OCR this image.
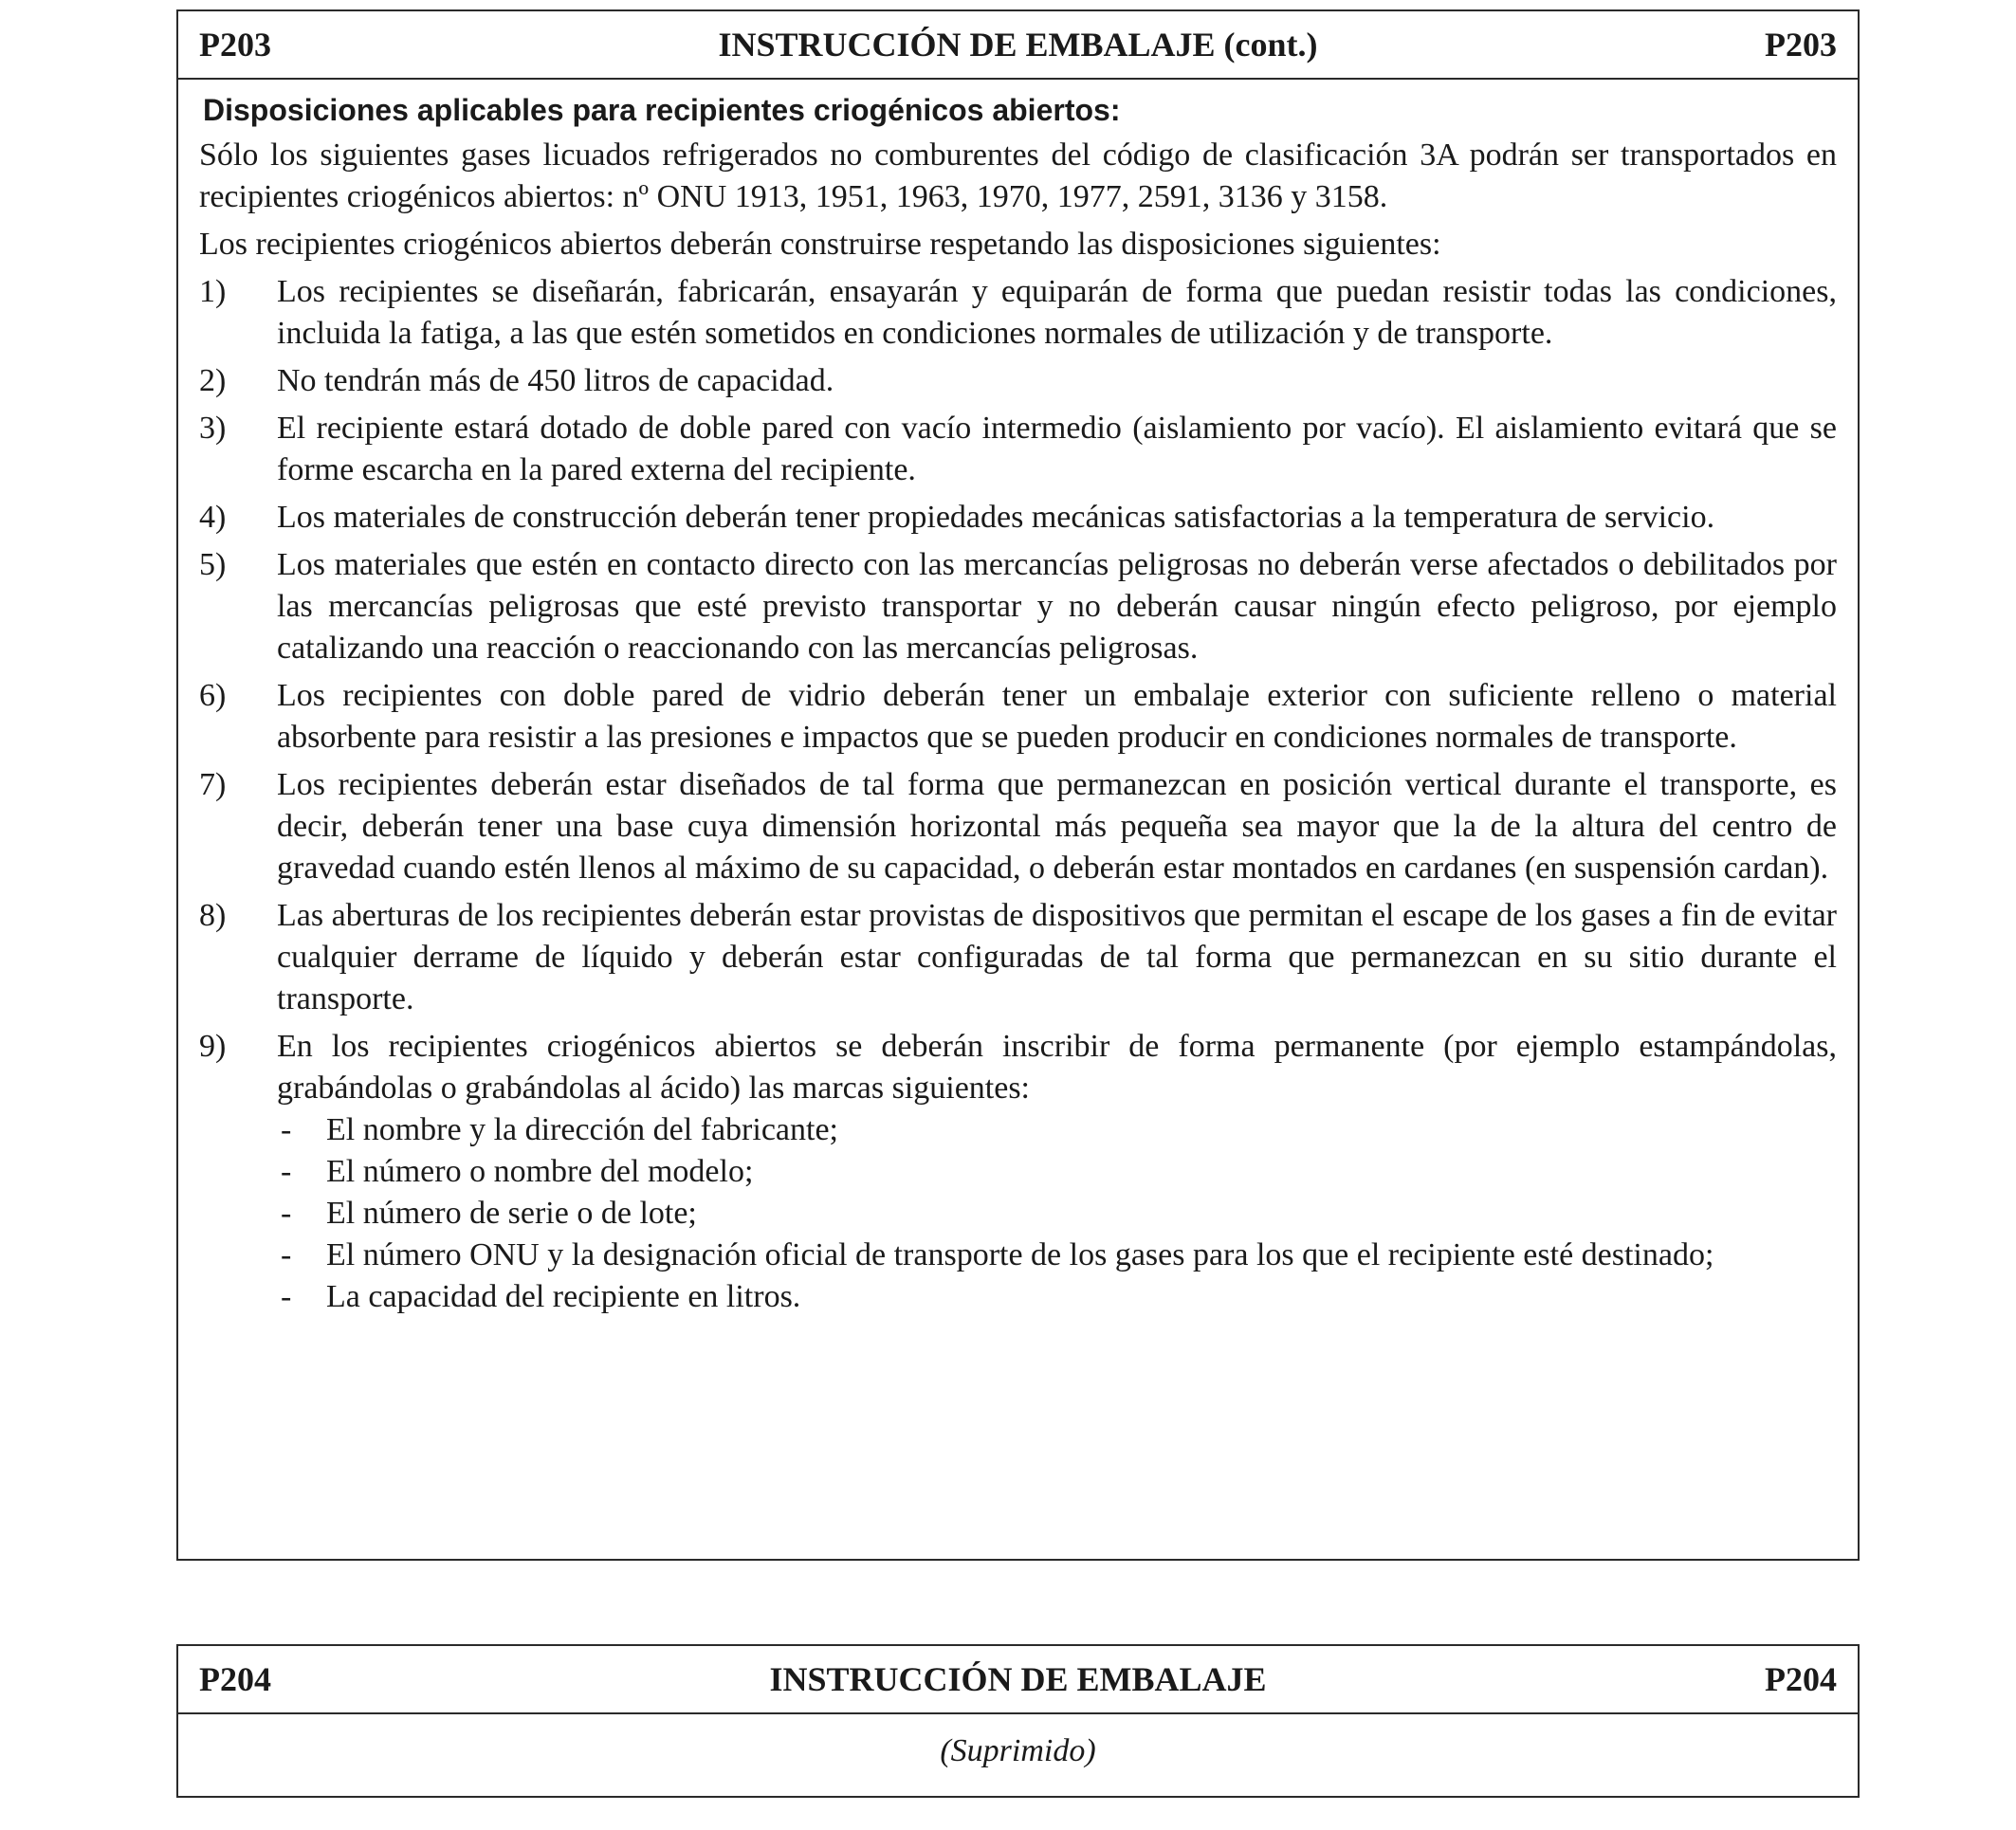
P203	INSTRUCCIÓN DE EMBALAJE (cont.)	P203
Disposiciones aplicables para recipientes criogénicos abiertos:
Sólo los siguientes gases licuados refrigerados no comburentes del código de clasificación 3A podrán ser transportados en recipientes criogénicos abiertos: nº ONU 1913, 1951, 1963, 1970, 1977, 2591, 3136 y 3158.
Los recipientes criogénicos abiertos deberán construirse respetando las disposiciones siguientes:
1)	Los recipientes se diseñarán, fabricarán, ensayarán y equiparán de forma que puedan resistir todas las condiciones, incluida la fatiga, a las que estén sometidos en condiciones normales de utilización y de transporte.
2)	No tendrán más de 450 litros de capacidad.
3)	El recipiente estará dotado de doble pared con vacío intermedio (aislamiento por vacío). El aislamiento evitará que se forme escarcha en la pared externa del recipiente.
4)	Los materiales de construcción deberán tener propiedades mecánicas satisfactorias a la temperatura de servicio.
5)	Los materiales que estén en contacto directo con las mercancías peligrosas no deberán verse afectados o debilitados por las mercancías peligrosas que esté previsto transportar y no deberán causar ningún efecto peligroso, por ejemplo catalizando una reacción o reaccionando con las mercancías peligrosas.
6)	Los recipientes con doble pared de vidrio deberán tener un embalaje exterior con suficiente relleno o material absorbente para resistir a las presiones e impactos que se pueden producir en condiciones normales de transporte.
7)	Los recipientes deberán estar diseñados de tal forma que permanezcan en posición vertical durante el transporte, es decir, deberán tener una base cuya dimensión horizontal más pequeña sea mayor que la de la altura del centro de gravedad cuando estén llenos al máximo de su capacidad, o deberán estar montados en cardanes (en suspensión cardan).
8)	Las aberturas de los recipientes deberán estar provistas de dispositivos que permitan el escape de los gases a fin de evitar cualquier derrame de líquido y deberán estar configuradas de tal forma que permanezcan en su sitio durante el transporte.
9)	En los recipientes criogénicos abiertos se deberán inscribir de forma permanente (por ejemplo estampándolas, grabándolas o grabándolas al ácido) las marcas siguientes:
-	El nombre y la dirección del fabricante;
-	El número o nombre del modelo;
-	El número de serie o de lote;
-	El número ONU y la designación oficial de transporte de los gases para los que el recipiente esté destinado;
-	La capacidad del recipiente en litros.
P204	INSTRUCCIÓN DE EMBALAJE	P204
(Suprimido)
